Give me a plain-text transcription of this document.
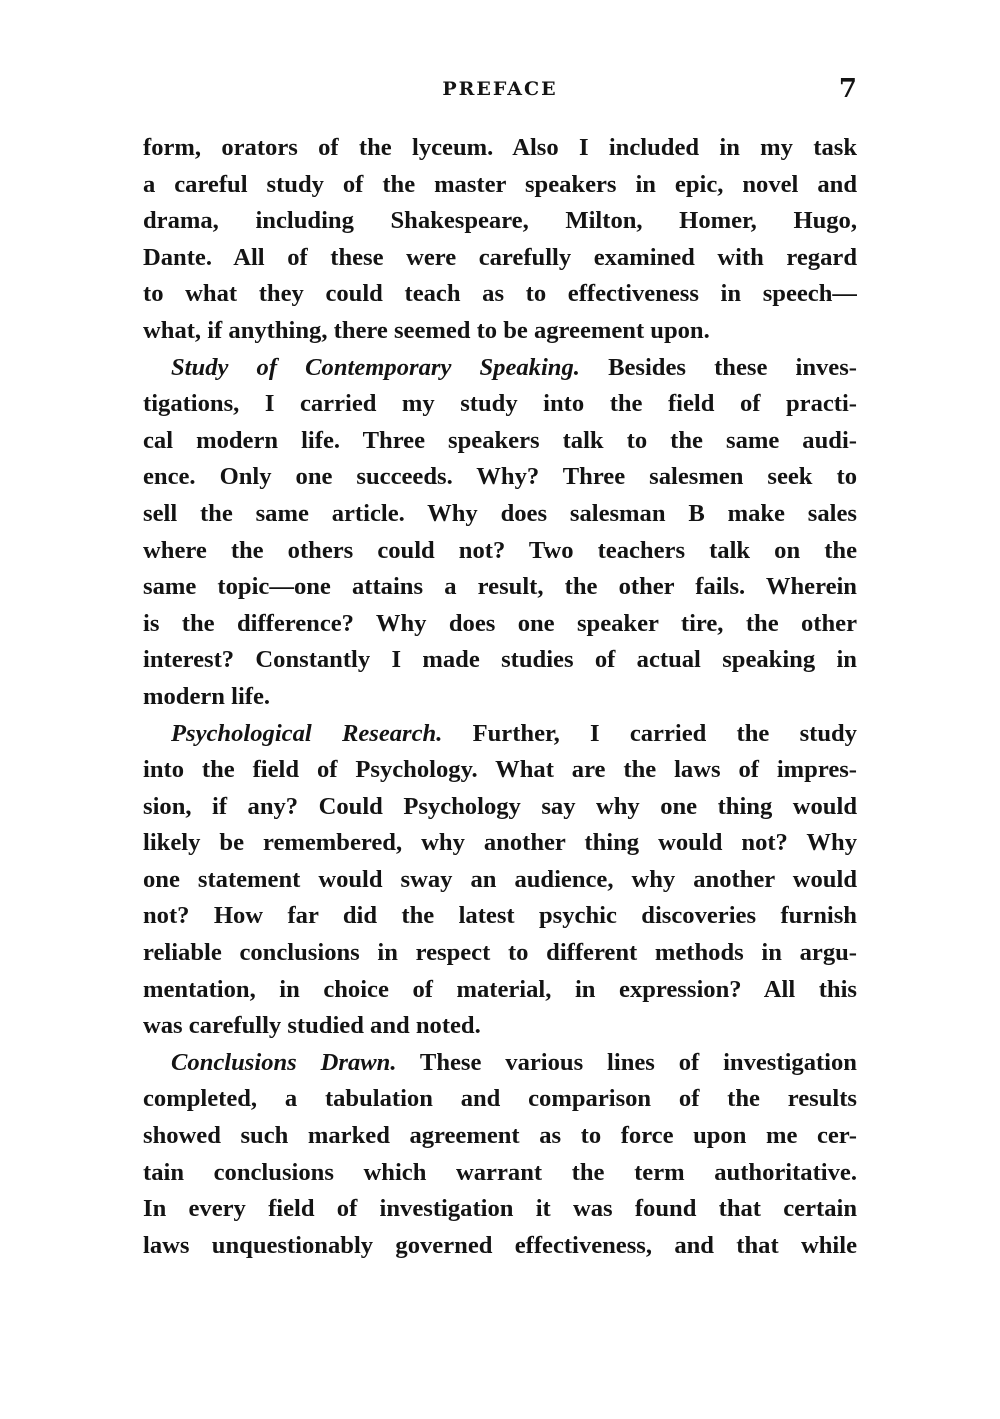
PREFACE	7
form, orators of the lyceum. Also I included in my task
a careful study of the master speakers in epic, novel and
drama, including Shakespeare, Milton, Homer, Hugo,
Dante. All of these were carefully examined with regard
to what they could teach as to effectiveness in speech—
what, if anything, there seemed to be agreement upon.
Study of Contemporary Speaking. Besides these inves-
tigations, I carried my study into the field of practi-
cal modern life. Three speakers talk to the same audi-
ence. Only one succeeds. Why? Three salesmen seek to
sell the same article. Why does salesman B make sales
where the others could not? Two teachers talk on the
same topic—one attains a result, the other fails. Wherein
is the difference? Why does one speaker tire, the other
interest? Constantly I made studies of actual speaking in
modern life.
Psychological Research. Further, I carried the study
into the field of Psychology. What are the laws of impres-
sion, if any? Could Psychology say why one thing would
likely be remembered, why another thing would not? Why
one statement would sway an audience, why another would
not? How far did the latest psychic discoveries furnish
reliable conclusions in respect to different methods in argu-
mentation, in choice of material, in expression? All this
was carefully studied and noted.
Conclusions Drawn. These various lines of investigation
completed, a tabulation and comparison of the results
showed such marked agreement as to force upon me cer-
tain conclusions which warrant the term authoritative.
In every field of investigation it was found that certain
laws unquestionably governed effectiveness, and that while
